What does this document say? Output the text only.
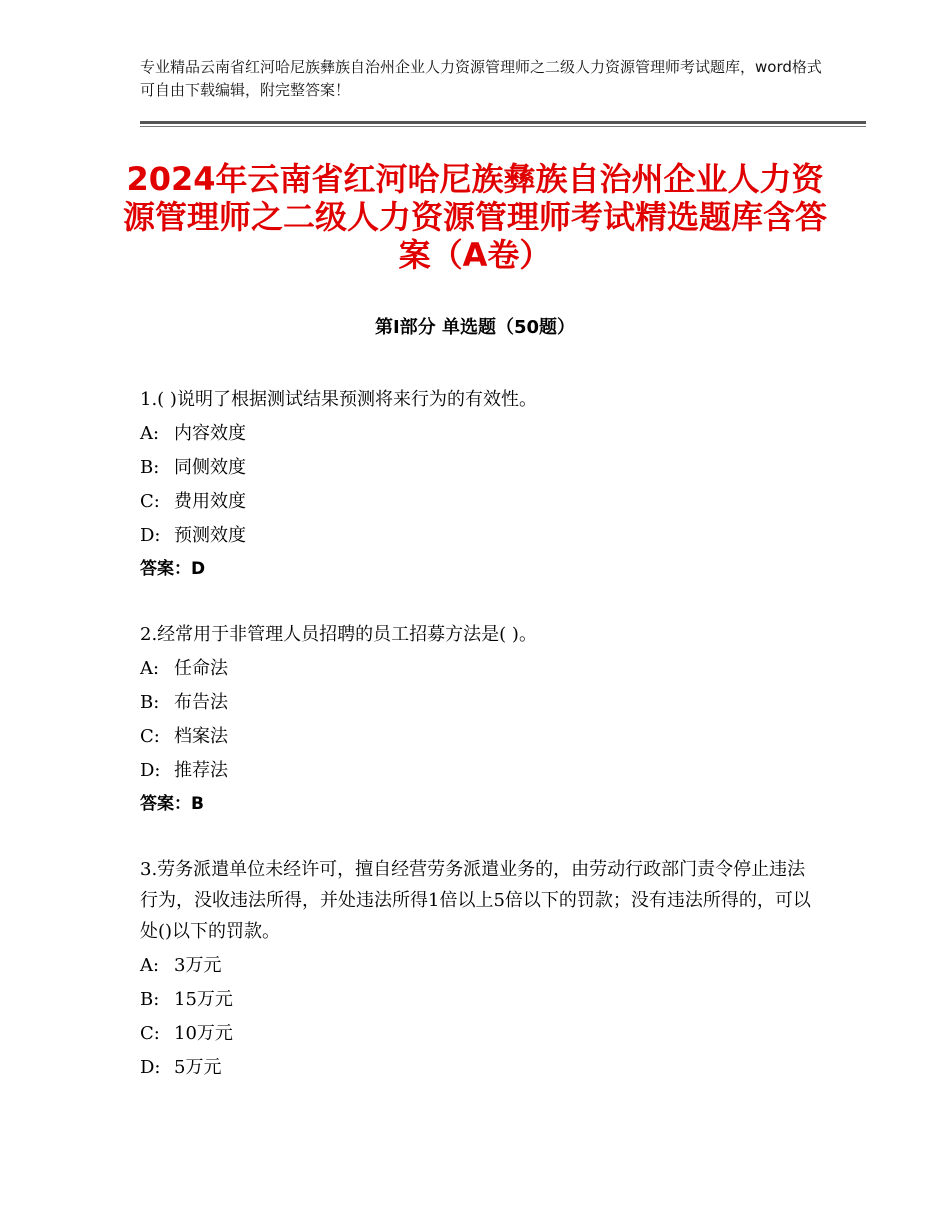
专业精品云南省红河哈尼族彝族自治州企业人力资源管理师之二级人力资源管理师考试题库，word格式可自由下载编辑，附完整答案！
2024年云南省红河哈尼族彝族自治州企业人力资源管理师之二级人力资源管理师考试精选题库含答案（A卷）
第Ⅰ部分 单选题（50题）

1.( )说明了根据测试结果预测将来行为的有效性。

A: 内容效度

B: 同侧效度

C: 费用效度

D: 预测效度

答案：D

2.经常用于非管理人员招聘的员工招募方法是( )。

A: 任命法

B: 布告法

C: 档案法

D: 推荐法

答案：B

3.劳务派遣单位未经许可，擅自经营劳务派遣业务的，由劳动行政部门责令停止违法行为，没收违法所得，并处违法所得1倍以上5倍以下的罚款；没有违法所得的，可以处()以下的罚款。

A: 3万元

B: 15万元

C: 10万元

D: 5万元
